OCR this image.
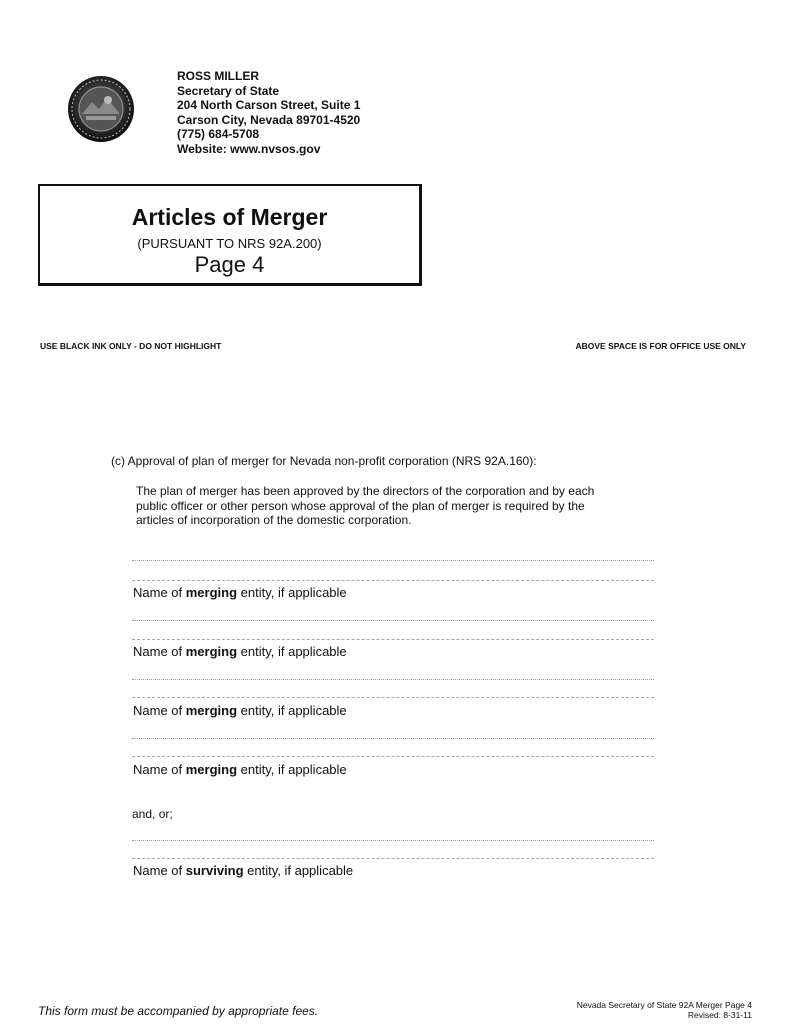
ROSS MILLER
Secretary of State
204 North Carson Street, Suite 1
Carson City, Nevada 89701-4520
(775) 684-5708
Website: www.nvsos.gov
Articles of Merger
(PURSUANT TO NRS 92A.200)
Page 4
USE BLACK INK ONLY - DO NOT HIGHLIGHT	ABOVE SPACE IS FOR OFFICE USE ONLY
(c) Approval of plan of merger for Nevada non-profit corporation (NRS 92A.160):
The plan of merger has been approved by the directors of the corporation and by each
public officer or other person whose approval of the plan of merger is required by the
articles of incorporation of the domestic corporation.
Name of merging entity, if applicable
Name of merging entity, if applicable
Name of merging entity, if applicable
Name of merging entity, if applicable
and, or;
Name of surviving entity, if applicable
This form must be accompanied by appropriate fees.	Nevada Secretary of State 92A Merger Page 4
Revised: 8-31-11
